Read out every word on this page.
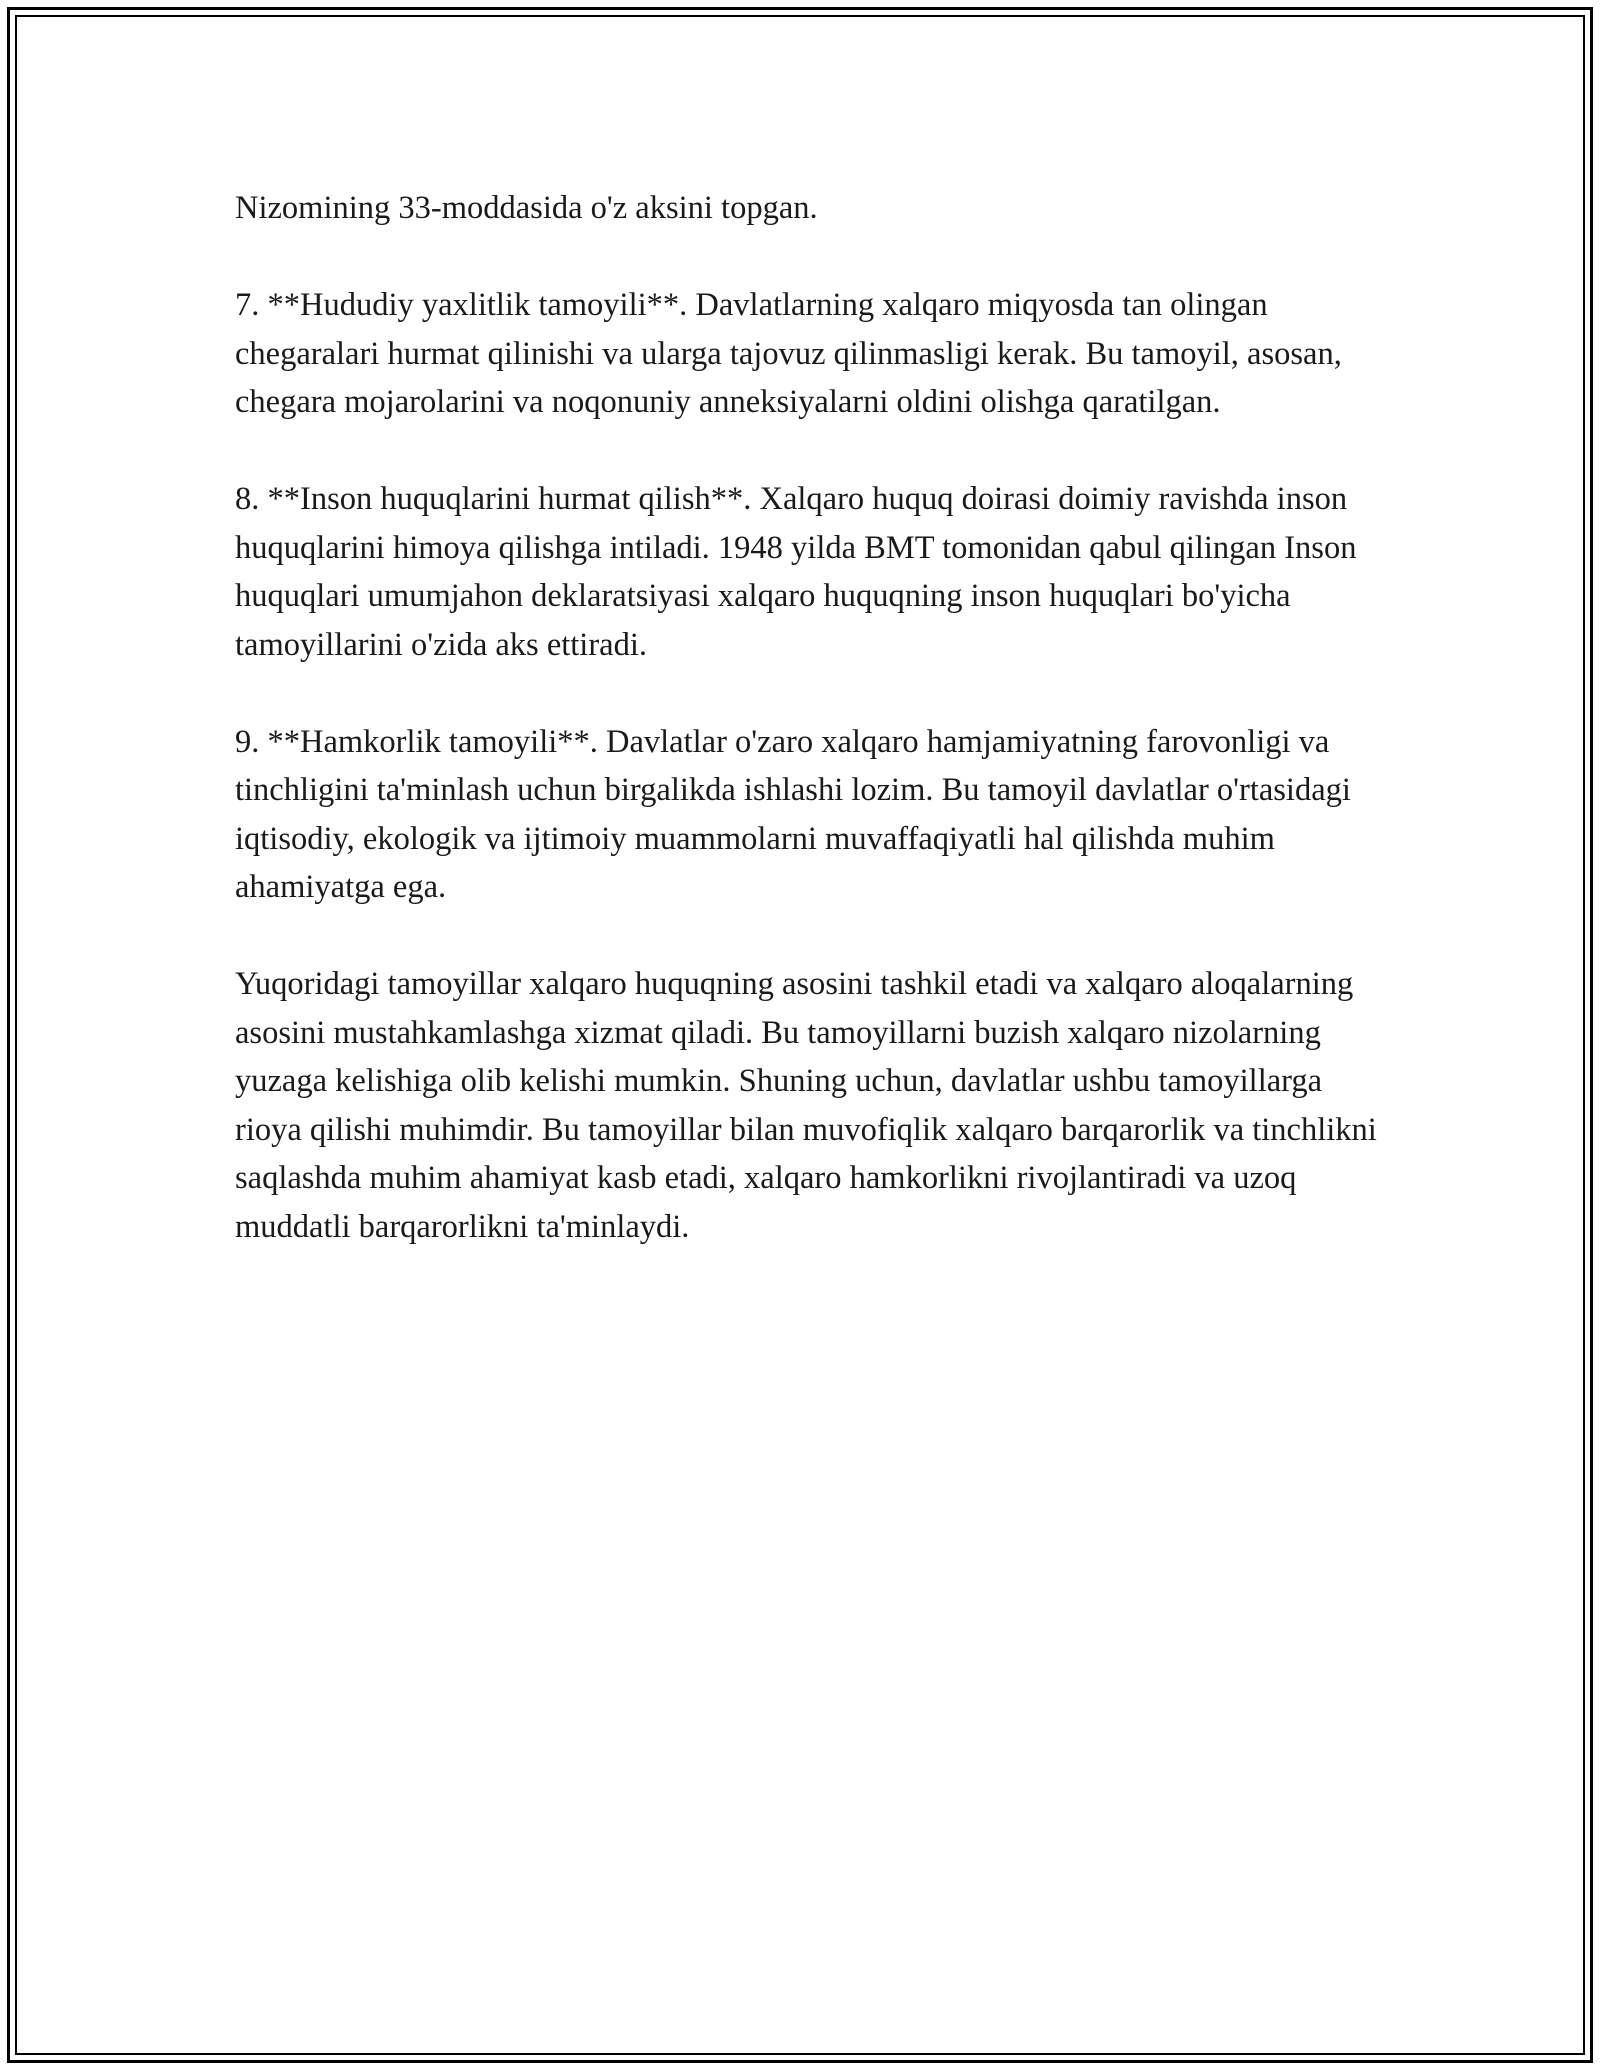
Nizomining 33-moddasida o'z aksini topgan.

7. **Hududiy yaxlitlik tamoyili**. Davlatlarning xalqaro miqyosda tan olingan chegaralari hurmat qilinishi va ularga tajovuz qilinmasligi kerak. Bu tamoyil, asosan, chegara mojarolarini va noqonuniy anneksiyalarni oldini olishga qaratilgan.

8. **Inson huquqlarini hurmat qilish**. Xalqaro huquq doirasi doimiy ravishda inson huquqlarini himoya qilishga intiladi. 1948 yilda BMT tomonidan qabul qilingan Inson huquqlari umumjahon deklaratsiyasi xalqaro huquqning inson huquqlari bo'yicha tamoyillarini o'zida aks ettiradi.

9. **Hamkorlik tamoyili**. Davlatlar o'zaro xalqaro hamjamiyatning farovonligi va tinchligini ta'minlash uchun birgalikda ishlashi lozim. Bu tamoyil davlatlar o'rtasidagi iqtisodiy, ekologik va ijtimoiy muammolarni muvaffaqiyatli hal qilishda muhim ahamiyatga ega.

Yuqoridagi tamoyillar xalqaro huquqning asosini tashkil etadi va xalqaro aloqalarning asosini mustahkamlashga xizmat qiladi. Bu tamoyillarni buzish xalqaro nizolarning yuzaga kelishiga olib kelishi mumkin. Shuning uchun, davlatlar ushbu tamoyillarga rioya qilishi muhimdir. Bu tamoyillar bilan muvofiqlik xalqaro barqarorlik va tinchlikni saqlashda muhim ahamiyat kasb etadi, xalqaro hamkorlikni rivojlantiradi va uzoq muddatli barqarorlikni ta'minlaydi.
